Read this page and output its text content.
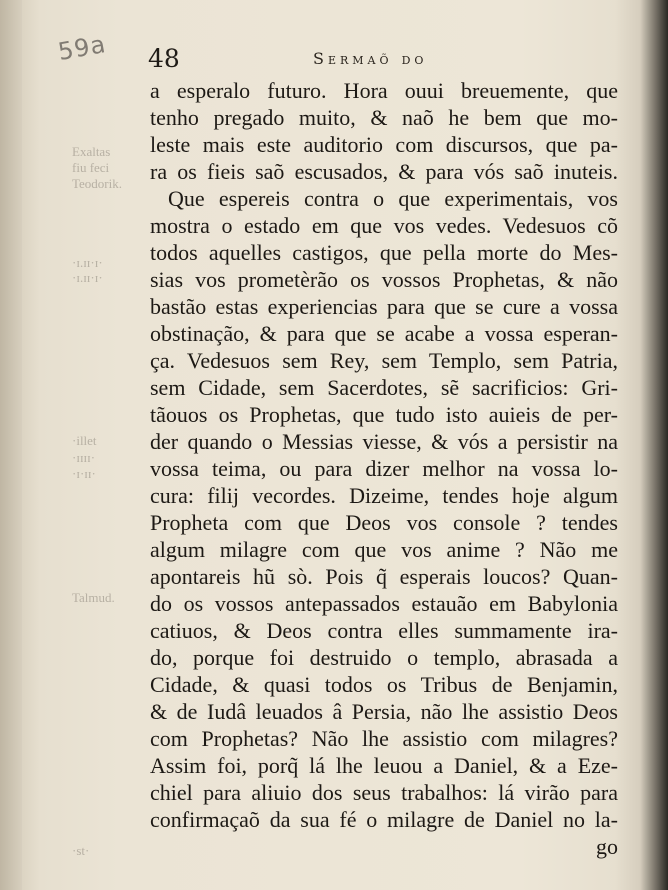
59a
Exaltas
fiu feci
Teodorik.
·ɪ.ɪɪ·ɪ·
·ɪ.ɪɪ·ɪ·
·illet
·ɪɪɪɪ·
·ɪ·ɪɪ·
Talmud.
·st·
48	Sermaõ do
a esperalo futuro. Hora ouui breuemente, que
tenho pregado muito, & naõ he bem que mo-
leste mais este auditorio com discursos, que pa-
ra os fieis saõ escusados, & para vós saõ inuteis.
Que espereis contra o que experimentais, vos
mostra o estado em que vos vedes. Vedesuos cõ
todos aquelles castigos, que pella morte do Mes-
sias vos prometèrão os vossos Prophetas, & não
bastão estas experiencias para que se cure a vossa
obstinação, & para que se acabe a vossa esperan-
ça. Vedesuos sem Rey, sem Templo, sem Patria,
sem Cidade, sem Sacerdotes, sẽ sacrificios: Gri-
tãouos os Prophetas, que tudo isto auieis de per-
der quando o Messias viesse, & vós a persistir na
vossa teima, ou para dizer melhor na vossa lo-
cura: filij vecordes. Dizeime, tendes hoje algum
Propheta com que Deos vos console ? tendes
algum milagre com que vos anime ? Não me
apontareis hũ sò. Pois q̃ esperais loucos? Quan-
do os vossos antepassados estauão em Babylonia
catiuos, & Deos contra elles summamente ira-
do, porque foi destruido o templo, abrasada a
Cidade, & quasi todos os Tribus de Benjamin,
& de Iudâ leuados â Persia, não lhe assistio Deos
com Prophetas? Não lhe assistio com milagres?
Assim foi, porq̃ lá lhe leuou a Daniel, & a Eze-
chiel para aliuio dos seus trabalhos: lá virão para
confirmaçaõ da sua fé o milagre de Daniel no la-
go
